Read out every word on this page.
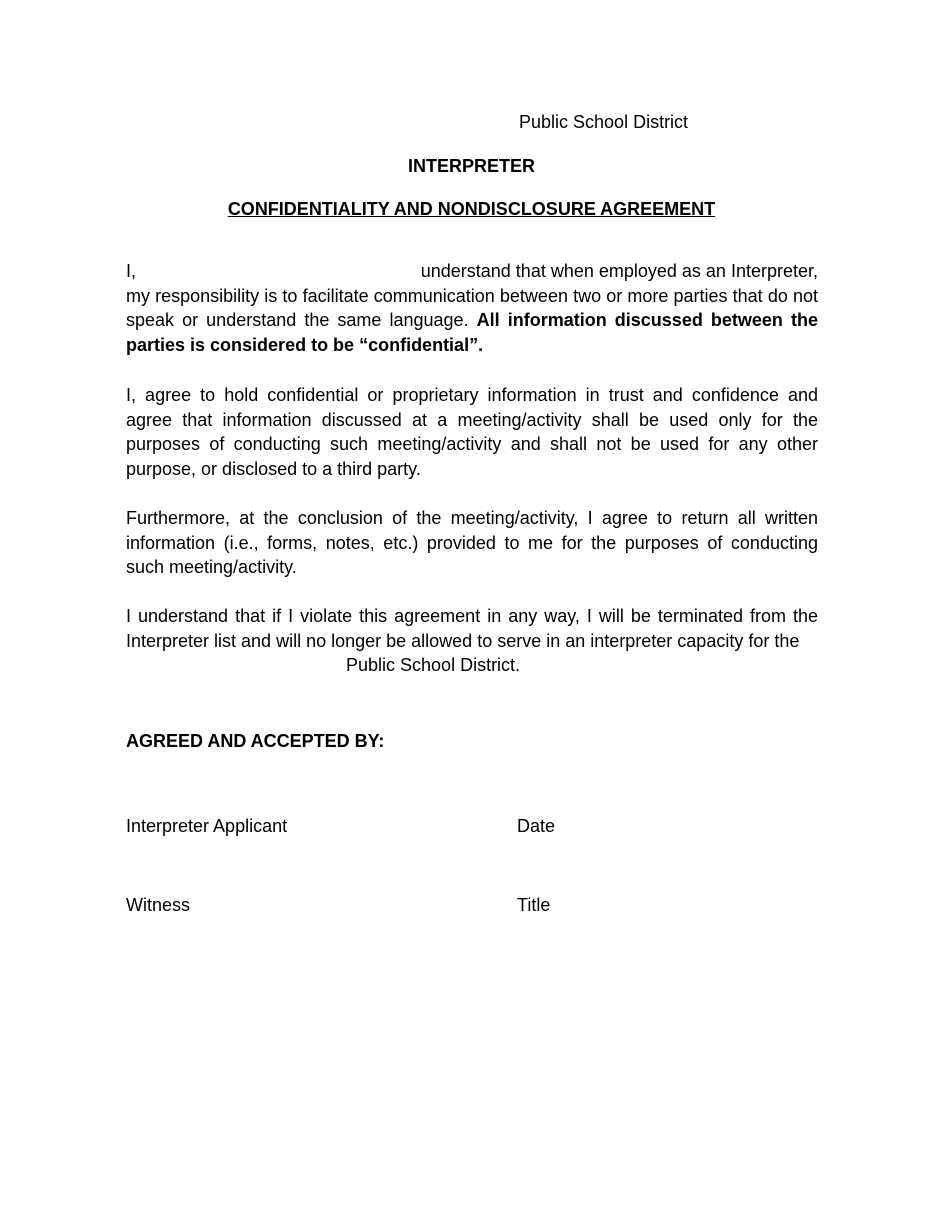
Public School District
INTERPRETER
CONFIDENTIALITY AND NONDISCLOSURE AGREEMENT
I,	understand that when employed as an Interpreter,
my responsibility is to facilitate communication between two or more parties that do not speak or understand the same language. All information discussed between the parties is considered to be “confidential”.

I, agree to hold confidential or proprietary information in trust and confidence and agree that information discussed at a meeting/activity shall be used only for the purposes of conducting such meeting/activity and shall not be used for any other purpose, or disclosed to a third party.

Furthermore, at the conclusion of the meeting/activity, I agree to return all written information (i.e., forms, notes, etc.) provided to me for the purposes of conducting such meeting/activity.

I understand that if I violate this agreement in any way, I will be terminated from the Interpreter list and will no longer be allowed to serve in an interpreter capacity for the
Public School District.
AGREED AND ACCEPTED BY:
Interpreter Applicant	Date
Witness	Title
